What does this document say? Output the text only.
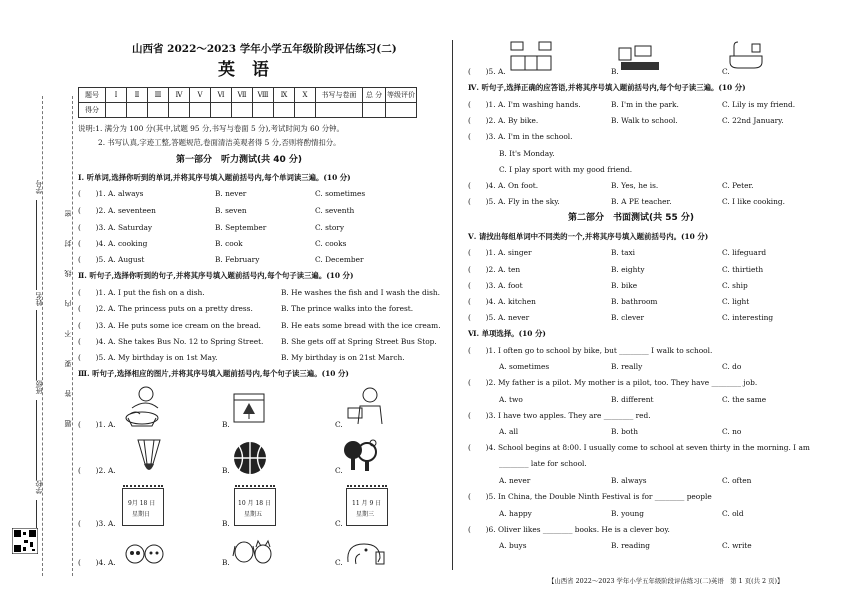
学号
姓名
班级
学校
密
封
线
内
不
要
答
题
山西省 2022～2023 学年小学五年级阶段评估练习(二)
英　语
题号	Ⅰ	Ⅱ	Ⅲ	Ⅳ	Ⅴ	Ⅵ	Ⅶ	Ⅷ	Ⅸ	Ⅹ	书写与卷面	总 分	等级评价
得分													
说明:1. 满分为 100 分(其中,试题 95 分,书写与卷面 5 分),考试时间为 60 分钟。
2. 书写认真,字迹工整,答题规范,卷面清洁美观者得 5 分,否则将酌情扣分。
第一部分　听力测试(共 40 分)
Ⅰ. 听单词,选择你听到的单词,并将其序号填入题前括号内,每个单词读三遍。(10 分)
(　　)1. A. always	B. never	C. sometimes
(　　)2. A. seventeen	B. seven	C. seventh
(　　)3. A. Saturday	B. September	C. story
(　　)4. A. cooking	B. cook	C. cooks
(　　)5. A. August	B. February	C. December
Ⅱ. 听句子,选择你听到的句子,并将其序号填入题前括号内,每个句子读三遍。(10 分)
(　　)1. A. I put the fish on a dish.	B. He washes the fish and I wash the dish.
(　　)2. A. The princess puts on a pretty dress.	B. The prince walks into the forest.
(　　)3. A. He puts some ice cream on the bread.	B. He eats some bread with the ice cream.
(　　)4. A. She takes Bus No. 12 to Spring Street. B. She gets off at Spring Street Bus Stop.
(　　)5. A. My birthday is on 1st May.	B. My birthday is on 21st March.
Ⅲ. 听句子,选择相应的图片,并将其序号填入题前括号内,每个句子读三遍。(10 分)
(　　)1. A.	B.	C.
(　　)2. A.	B.	C.
(　　)3. A.	B.	C.
(　　)4. A.	B.	C.
9月 18 日
星期日
10 月 18 日
星期五
11 月 9 日
星期三
(　　)5. A.	B.	C.
Ⅳ. 听句子,选择正确的应答语,并将其序号填入题前括号内,每个句子读三遍。(10 分)
(　　)1. A. I'm washing hands.	B. I'm in the park.	C. Lily is my friend.
(　　)2. A. By bike.	B. Walk to school.	C. 22nd January.
(　　)3. A. I'm in the school.
B. It's Monday.
C. I play sport with my good friend.
(　　)4. A. On foot.	B. Yes, he is.	C. Peter.
(　　)5. A. Fly in the sky.	B. A PE teacher.	C. I like cooking.
第二部分　书面测试(共 55 分)
Ⅴ. 请找出每组单词中不同类的一个,并将其序号填入题前括号内。(10 分)
(　　)1. A. singer	B. taxi	C. lifeguard
(　　)2. A. ten	B. eighty	C. thirtieth
(　　)3. A. foot	B. bike	C. ship
(　　)4. A. kitchen	B. bathroom	C. light
(　　)5. A. never	B. clever	C. interesting
Ⅵ. 单项选择。(10 分)
(　　)1. I often go to school by bike, but ________ I walk to school.
A. sometimes	B. really	C. do
(　　)2. My father is a pilot. My mother is a pilot, too. They have ________ job.
A. two	B. different	C. the same
(　　)3. I have two apples. They are ________ red.
A. all	B. both	C. no
(　　)4. School begins at 8:00. I usually come to school at seven thirty in the morning. I am
________ late for school.
A. never	B. always	C. often
(　　)5. In China, the Double Ninth Festival is for ________ people
A. happy	B. young	C. old
(　　)6. Oliver likes ________ books. He is a clever boy.
A. buys	B. reading	C. write
【山西省 2022～2023 学年小学五年级阶段评估练习(二)英语　第 1 页(共 2 页)】
